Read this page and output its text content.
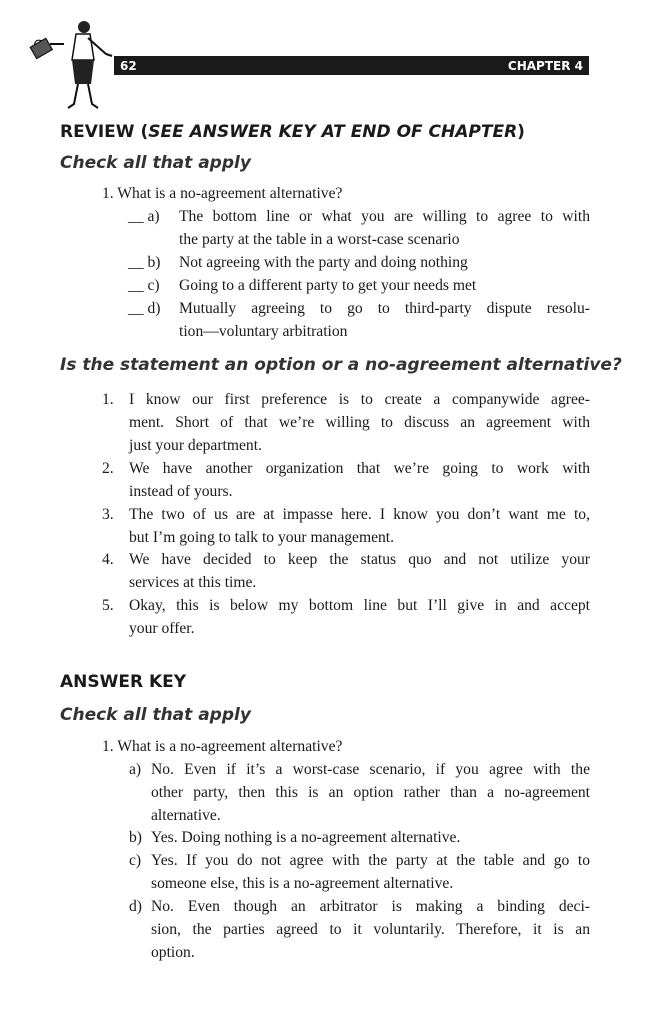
62	CHAPTER 4
REVIEW (SEE ANSWER KEY AT END OF CHAPTER)
Check all that apply
1. What is a no-agreement alternative?
__ a) The bottom line or what you are willing to agree to with
the party at the table in a worst-case scenario
__ b) Not agreeing with the party and doing nothing
__ c) Going to a different party to get your needs met
__ d) Mutually agreeing to go to third-party dispute resolu-
tion—voluntary arbitration
Is the statement an option or a no-agreement alternative?
1. I know our first preference is to create a companywide agree-
ment. Short of that we’re willing to discuss an agreement with
just your department.
2. We have another organization that we’re going to work with
instead of yours.
3. The two of us are at impasse here. I know you don’t want me to,
but I’m going to talk to your management.
4. We have decided to keep the status quo and not utilize your
services at this time.
5. Okay, this is below my bottom line but I’ll give in and accept
your offer.
ANSWER KEY
Check all that apply
1. What is a no-agreement alternative?
a) No. Even if it’s a worst-case scenario, if you agree with the
other party, then this is an option rather than a no-agreement
alternative.
b) Yes. Doing nothing is a no-agreement alternative.
c) Yes. If you do not agree with the party at the table and go to
someone else, this is a no-agreement alternative.
d) No. Even though an arbitrator is making a binding deci-
sion, the parties agreed to it voluntarily. Therefore, it is an
option.
